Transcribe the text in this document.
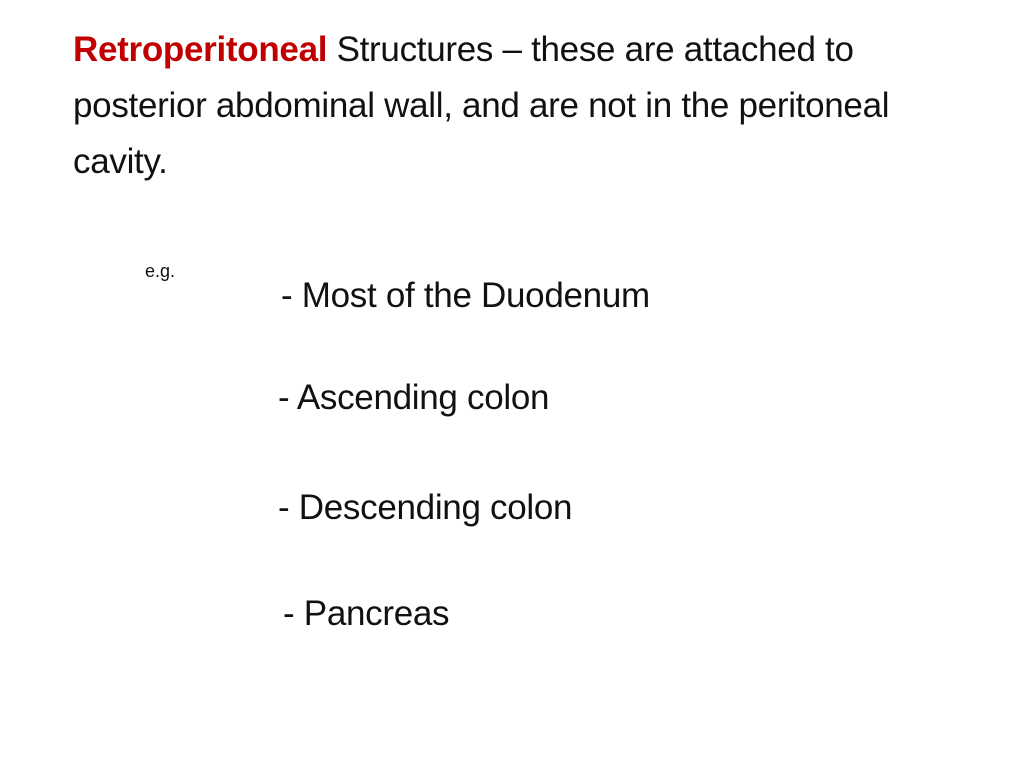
Retroperitoneal Structures – these are attached to posterior abdominal wall, and are not in the peritoneal cavity.
e.g.
- Most of the Duodenum
- Ascending colon
- Descending colon
- Pancreas
